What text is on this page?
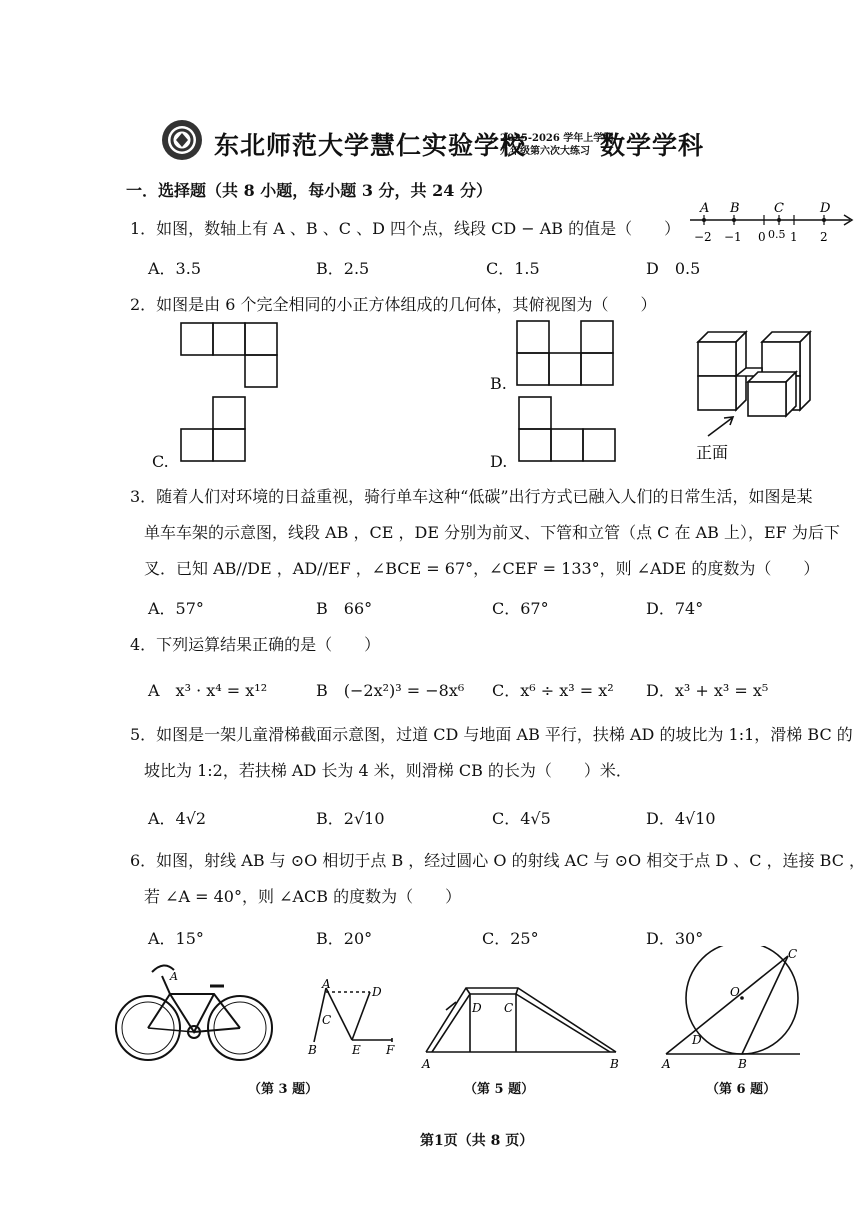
东北师范大学慧仁实验学校
2025-2026 学年上学期
九年级第六次大练习 数学学科
一．选择题（共 8 小题，每小题 3 分，共 24 分）
1．如图，数轴上有 A 、B 、C 、D 四个点，线段 CD − AB 的值是（　　）
A B	C	D
−2 −1 0 0.5 1 2
A．3.5	B．2.5	C．1.5	D　0.5
2．如图是由 6 个完全相同的小正方体组成的几何体，其俯视图为（　　）
B.
C.	D.	正面
3．随着人们对环境的日益重视，骑行单车这种“低碳”出行方式已融入人们的日常生活，如图是某
单车车架的示意图，线段 AB ，CE ，DE 分别为前叉、下管和立管（点 C 在 AB 上），EF 为后下
叉．已知 AB//DE ，AD//EF ，∠BCE = 67°，∠CEF = 133°，则 ∠ADE 的度数为（　　）
A．57°	B　66°	C．67°	D．74°
4．下列运算结果正确的是（　　）
A　x³ · x⁴ = x¹²	B　(−2x²)³ = −8x⁶ C．x⁶ ÷ x³ = x² D．x³ + x³ = x⁵
5．如图是一架儿童滑梯截面示意图，过道 CD 与地面 AB 平行，扶梯 AD 的坡比为 1:1，滑梯 BC 的
坡比为 1:2，若扶梯 AD 长为 4 米，则滑梯 CB 的长为（　　）米．
A．4√2	B．2√10	C．4√5	D．4√10
6．如图，射线 AB 与 ⊙O 相切于点 B ，经过圆心 O 的射线 AC 与 ⊙O 相交于点 D 、C ，连接 BC ，
若 ∠A = 40°，则 ∠ACB 的度数为（　　）
A．15°	B．20°	C．25°	D．30°
A
A
D
C
B	E F
D C
A	B
C
O
D
A	B
（第 3 题）	（第 5 题）	（第 6 题）
第1页（共 8 页）
